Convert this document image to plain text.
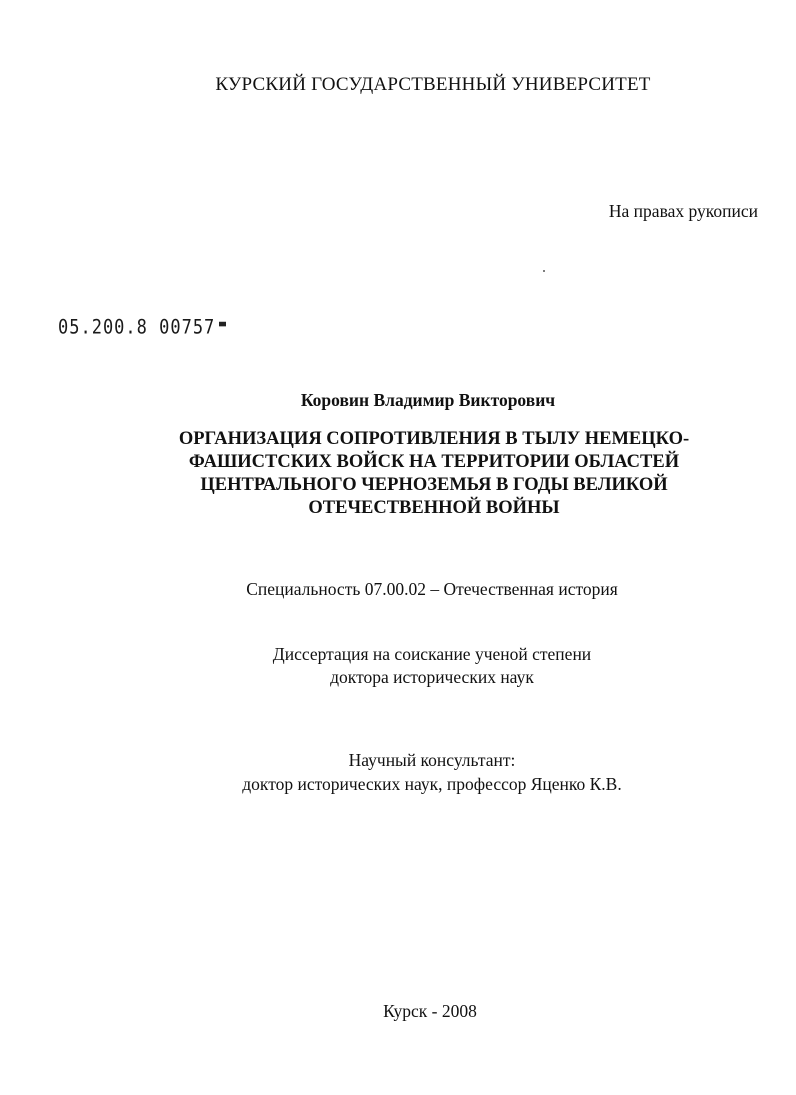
КУРСКИЙ ГОСУДАРСТВЕННЫЙ УНИВЕРСИТЕТ
На правах рукописи
05.200.8 00757
Коровин Владимир Викторович
ОРГАНИЗАЦИЯ СОПРОТИВЛЕНИЯ В ТЫЛУ НЕМЕЦКО-
ФАШИСТСКИХ ВОЙСК НА ТЕРРИТОРИИ ОБЛАСТЕЙ
ЦЕНТРАЛЬНОГО ЧЕРНОЗЕМЬЯ В ГОДЫ ВЕЛИКОЙ
ОТЕЧЕСТВЕННОЙ ВОЙНЫ
Специальность 07.00.02 – Отечественная история
Диссертация на соискание ученой степени
доктора исторических наук
Научный консультант:
доктор исторических наук, профессор Яценко К.В.
Курск - 2008
